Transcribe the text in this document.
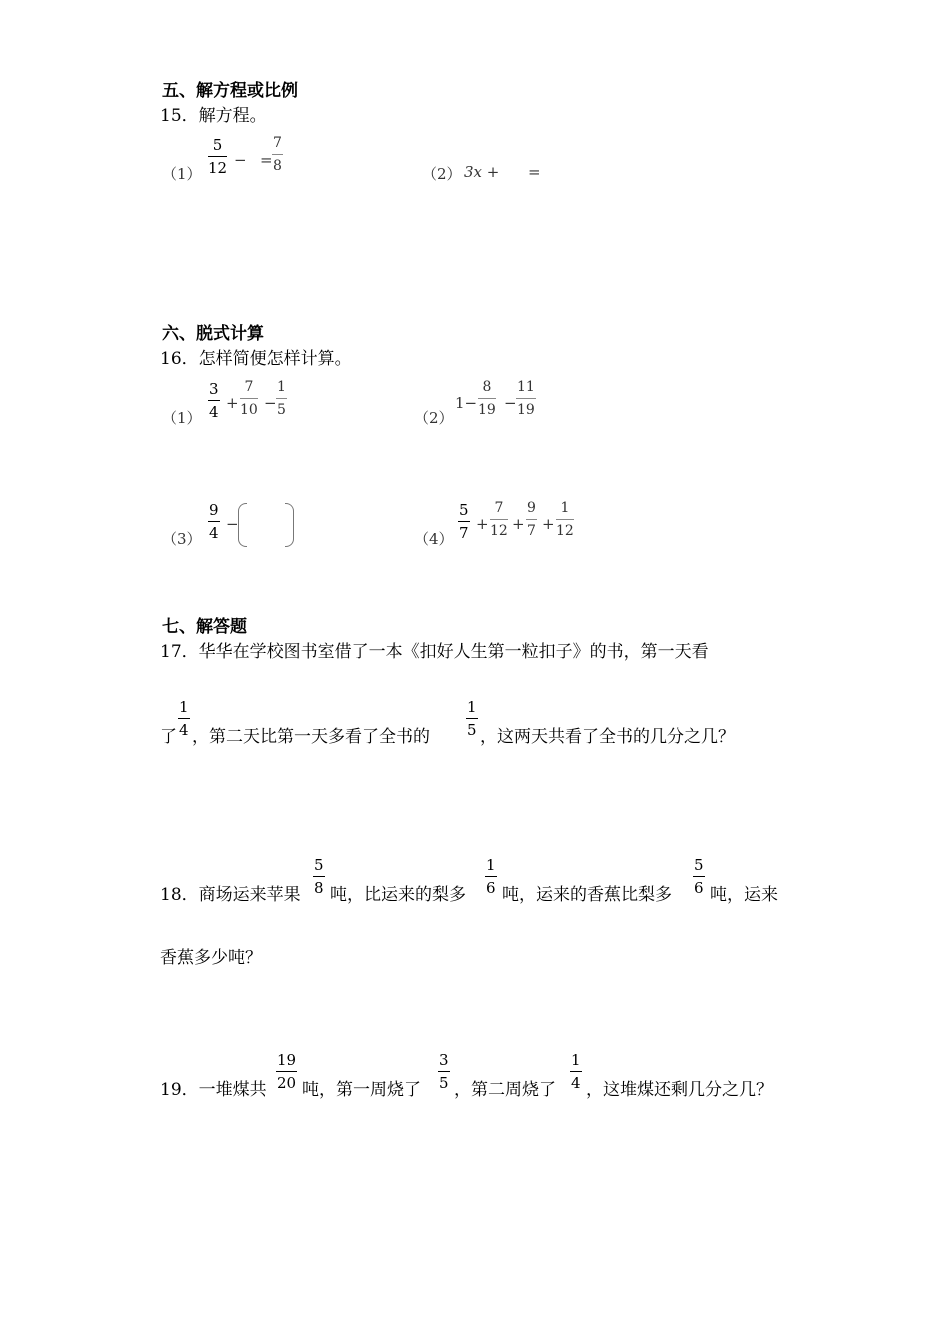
五、解方程或比例
15．解方程。
$(1) \frac{5}{12}$ − = $\frac{7}{8}$	（2） 3x + =
六、脱式计算
16．怎样简便怎样计算。
$(1) \frac{3}{4} + \frac{7}{10} - \frac{1}{5}$	（2）
$1- \frac{8}{19} - \frac{11}{19}$
$(3) \frac{9}{4}$ −
$(4) \frac{5}{7} + \frac{7}{12} + \frac{9}{7} + \frac{1}{12}$
七、解答题
17．华华在学校图书室借了一本《扣好人生第一粒扣子》的书，第一天看
了 $\frac{1}{4}$ ，第二天比第一天多看了全书的 $\frac{1}{5}$ ，这两天共看了全书的几分之几？
18．商场运来苹果 $\frac{5}{8}$ 吨，比运来的梨多 $\frac{1}{6}$ 吨，运来的香蕉比梨多 $\frac{5}{6}$ 吨，运来
香蕉多少吨？
19．一堆煤共 $\frac{19}{20}$ 吨，第一周烧了 $\frac{3}{5}$ ，第二周烧了 $\frac{1}{4}$ ，这堆煤还剩几分之几？
